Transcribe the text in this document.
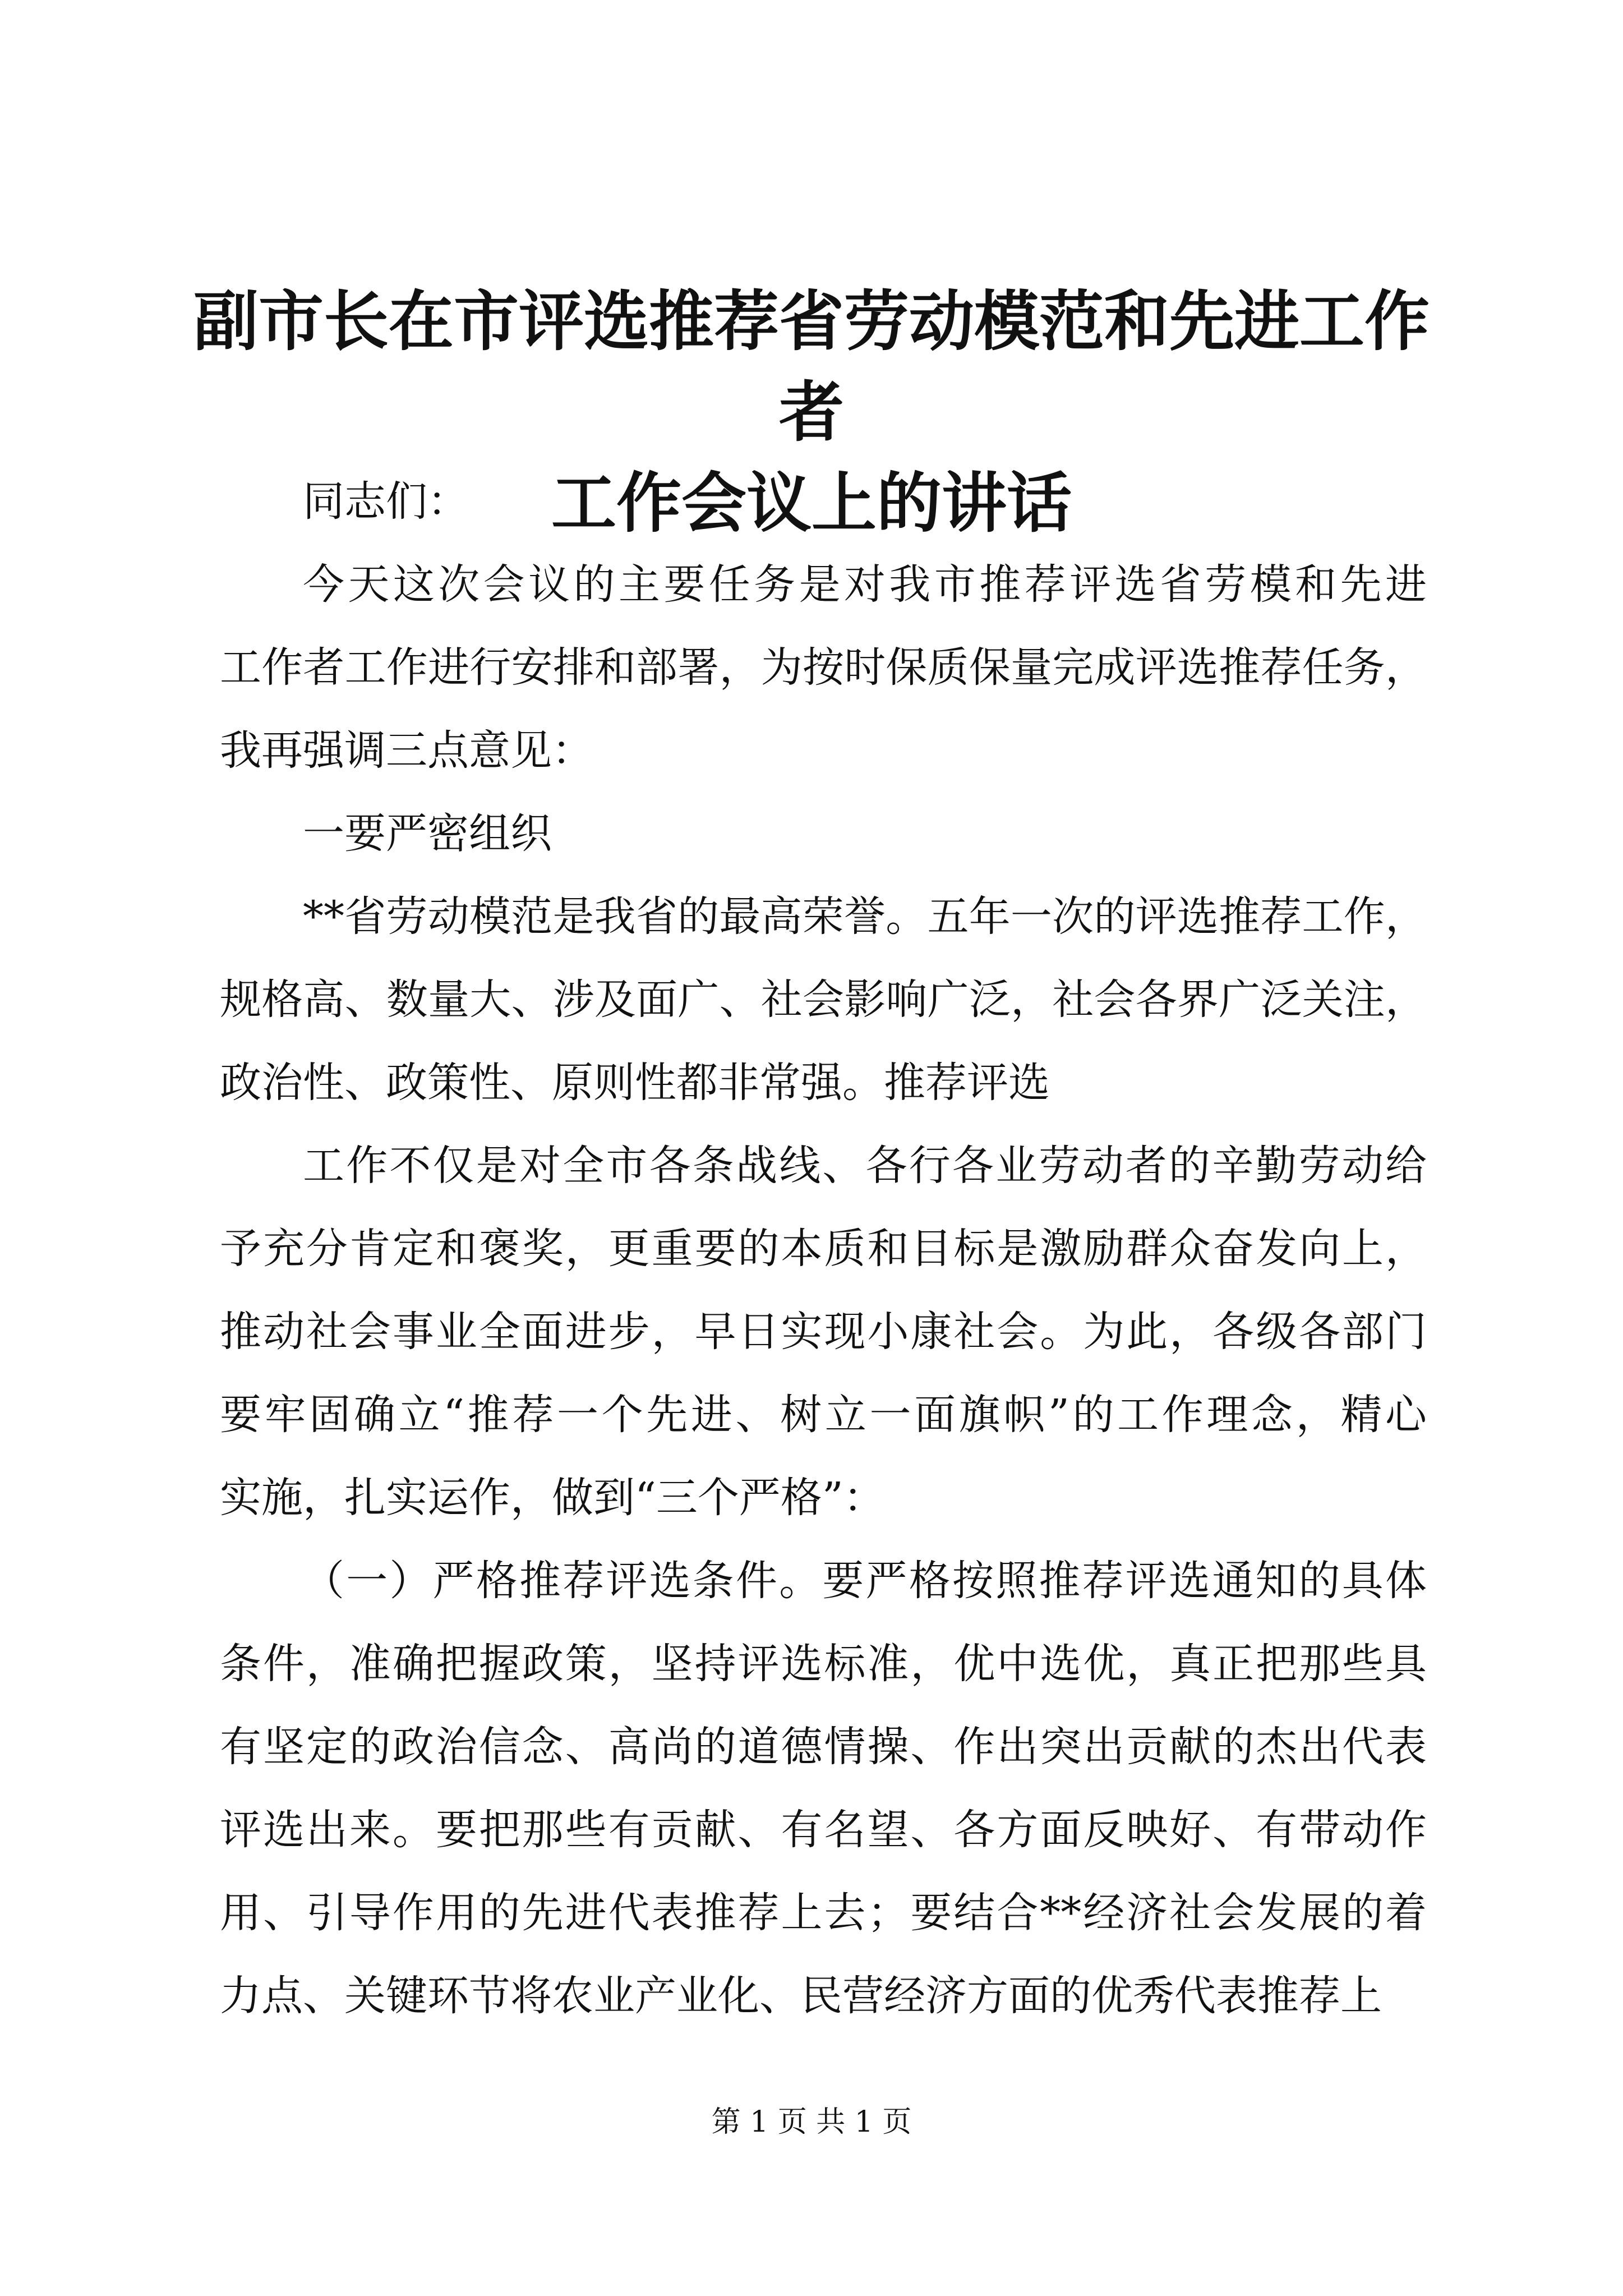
副市长在市评选推荐省劳动模范和先进工作者
工作会议上的讲话

同志们：

今天这次会议的主要任务是对我市推荐评选省劳模和先进
工作者工作进行安排和部署，为按时保质保量完成评选推荐任务，
我再强调三点意见：

一要严密组织

**省劳动模范是我省的最高荣誉。五年一次的评选推荐工作，
规格高、数量大、涉及面广、社会影响广泛，社会各界广泛关注，
政治性、政策性、原则性都非常强。推荐评选

工作不仅是对全市各条战线、各行各业劳动者的辛勤劳动给
予充分肯定和褒奖，更重要的本质和目标是激励群众奋发向上，
推动社会事业全面进步，早日实现小康社会。为此，各级各部门
要牢固确立“推荐一个先进、树立一面旗帜”的工作理念，精心
实施，扎实运作，做到“三个严格”：

（一）严格推荐评选条件。要严格按照推荐评选通知的具体
条件，准确把握政策，坚持评选标准，优中选优，真正把那些具
有坚定的政治信念、高尚的道德情操、作出突出贡献的杰出代表
评选出来。要把那些有贡献、有名望、各方面反映好、有带动作
用、引导作用的先进代表推荐上去；要结合**经济社会发展的着
力点、关键环节将农业产业化、民营经济方面的优秀代表推荐上

第 1 页 共 1 页
